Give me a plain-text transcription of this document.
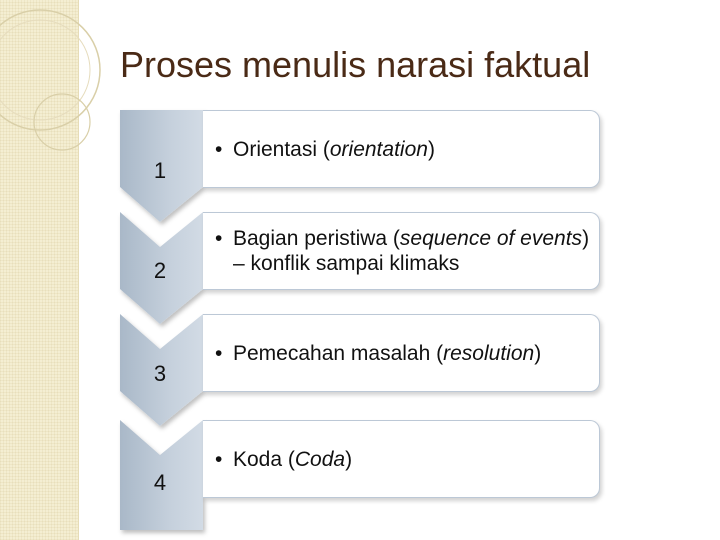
Proses menulis narasi faktual
1
2
3
4
• Orientasi (orientation)
• Bagian peristiwa (sequence of events) – konflik sampai klimaks
• Pemecahan masalah (resolution)
• Koda (Coda)
